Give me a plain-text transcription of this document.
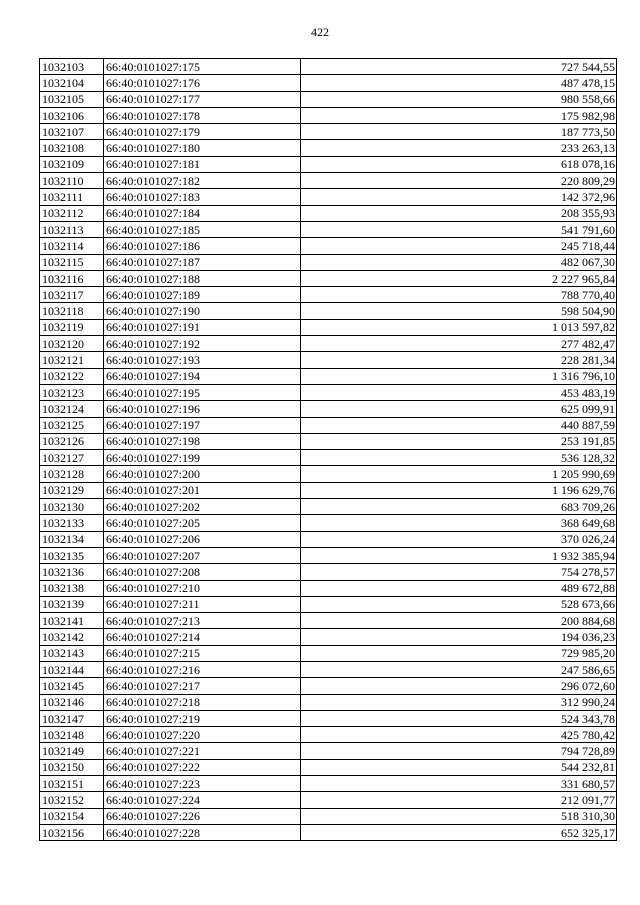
422
1032103	66:40:0101027:175	727 544,55
1032104	66:40:0101027:176	487 478,15
1032105	66:40:0101027:177	980 558,66
1032106	66:40:0101027:178	175 982,98
1032107	66:40:0101027:179	187 773,50
1032108	66:40:0101027:180	233 263,13
1032109	66:40:0101027:181	618 078,16
1032110	66:40:0101027:182	220 809,29
1032111	66:40:0101027:183	142 372,96
1032112	66:40:0101027:184	208 355,93
1032113	66:40:0101027:185	541 791,60
1032114	66:40:0101027:186	245 718,44
1032115	66:40:0101027:187	482 067,30
1032116	66:40:0101027:188	2 227 965,84
1032117	66:40:0101027:189	788 770,40
1032118	66:40:0101027:190	598 504,90
1032119	66:40:0101027:191	1 013 597,82
1032120	66:40:0101027:192	277 482,47
1032121	66:40:0101027:193	228 281,34
1032122	66:40:0101027:194	1 316 796,10
1032123	66:40:0101027:195	453 483,19
1032124	66:40:0101027:196	625 099,91
1032125	66:40:0101027:197	440 887,59
1032126	66:40:0101027:198	253 191,85
1032127	66:40:0101027:199	536 128,32
1032128	66:40:0101027:200	1 205 990,69
1032129	66:40:0101027:201	1 196 629,76
1032130	66:40:0101027:202	683 709,26
1032133	66:40:0101027:205	368 649,68
1032134	66:40:0101027:206	370 026,24
1032135	66:40:0101027:207	1 932 385,94
1032136	66:40:0101027:208	754 278,57
1032138	66:40:0101027:210	489 672,88
1032139	66:40:0101027:211	528 673,66
1032141	66:40:0101027:213	200 884,68
1032142	66:40:0101027:214	194 036,23
1032143	66:40:0101027:215	729 985,20
1032144	66:40:0101027:216	247 586,65
1032145	66:40:0101027:217	296 072,60
1032146	66:40:0101027:218	312 990,24
1032147	66:40:0101027:219	524 343,78
1032148	66:40:0101027:220	425 780,42
1032149	66:40:0101027:221	794 728,89
1032150	66:40:0101027:222	544 232,81
1032151	66:40:0101027:223	331 680,57
1032152	66:40:0101027:224	212 091,77
1032154	66:40:0101027:226	518 310,30
1032156	66:40:0101027:228	652 325,17
